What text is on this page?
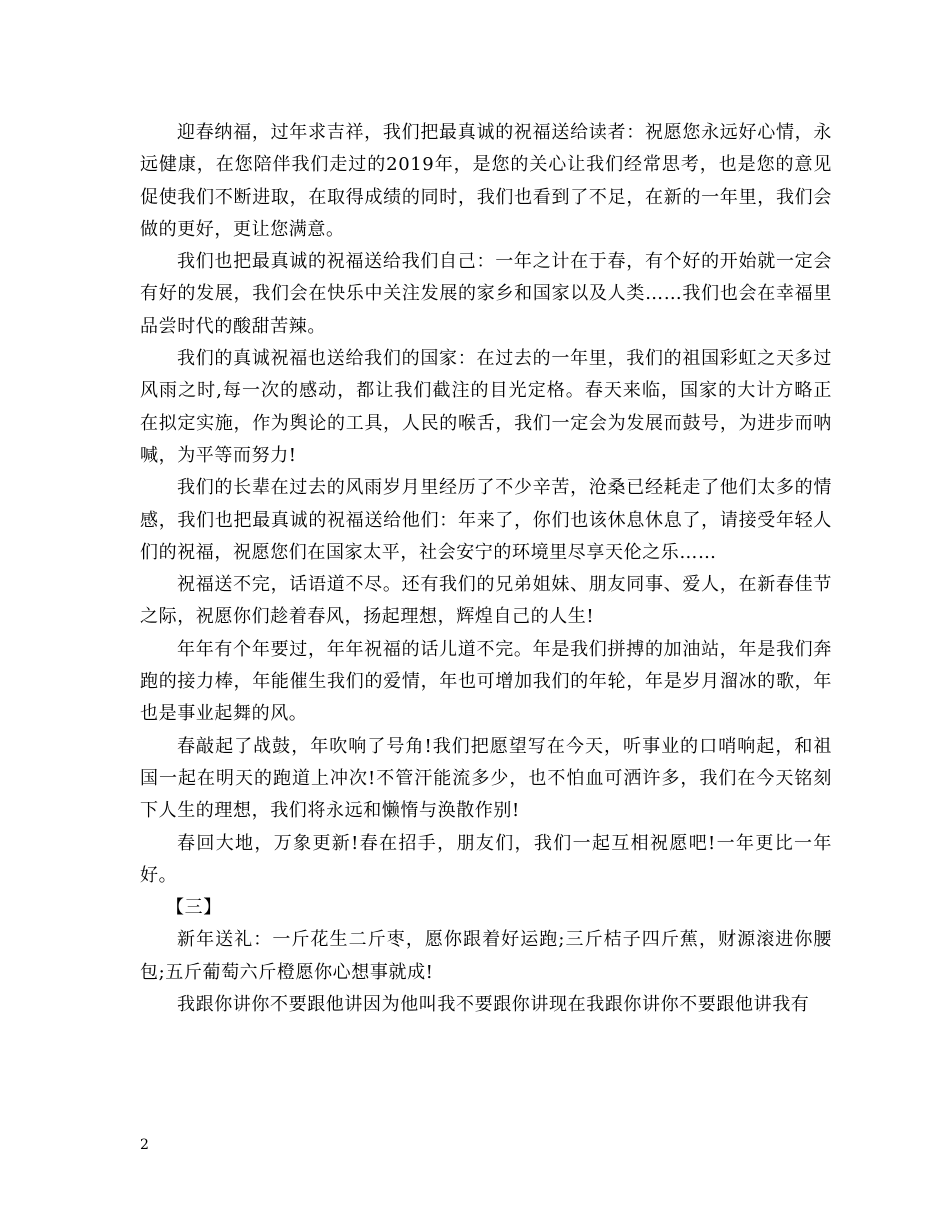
迎春纳福，过年求吉祥，我们把最真诚的祝福送给读者：祝愿您永远好心情，永远健康，在您陪伴我们走过的2019年，是您的关心让我们经常思考，也是您的意见促使我们不断进取，在取得成绩的同时，我们也看到了不足，在新的一年里，我们会做的更好，更让您满意。

我们也把最真诚的祝福送给我们自己：一年之计在于春，有个好的开始就一定会有好的发展，我们会在快乐中关注发展的家乡和国家以及人类……我们也会在幸福里品尝时代的酸甜苦辣。

我们的真诚祝福也送给我们的国家：在过去的一年里，我们的祖国彩虹之天多过风雨之时,每一次的感动，都让我们截注的目光定格。春天来临，国家的大计方略正在拟定实施，作为舆论的工具，人民的喉舌，我们一定会为发展而鼓号，为进步而呐喊，为平等而努力!

我们的长辈在过去的风雨岁月里经历了不少辛苦，沧桑已经耗走了他们太多的情感，我们也把最真诚的祝福送给他们：年来了，你们也该休息休息了，请接受年轻人们的祝福，祝愿您们在国家太平，社会安宁的环境里尽享天伦之乐……

祝福送不完，话语道不尽。还有我们的兄弟姐妹、朋友同事、爱人，在新春佳节之际，祝愿你们趁着春风，扬起理想，辉煌自己的人生!

年年有个年要过，年年祝福的话儿道不完。年是我们拼搏的加油站，年是我们奔跑的接力棒，年能催生我们的爱情，年也可增加我们的年轮，年是岁月溜冰的歌，年也是事业起舞的风。

春敲起了战鼓，年吹响了号角!我们把愿望写在今天，听事业的口哨响起，和祖国一起在明天的跑道上冲次!不管汗能流多少，也不怕血可洒许多，我们在今天铭刻下人生的理想，我们将永远和懒惰与涣散作别!

春回大地，万象更新!春在招手，朋友们，我们一起互相祝愿吧!一年更比一年好。

【三】

新年送礼：一斤花生二斤枣，愿你跟着好运跑;三斤桔子四斤蕉，财源滚进你腰包;五斤葡萄六斤橙愿你心想事就成!

我跟你讲你不要跟他讲因为他叫我不要跟你讲现在我跟你讲你不要跟他讲我有

2
